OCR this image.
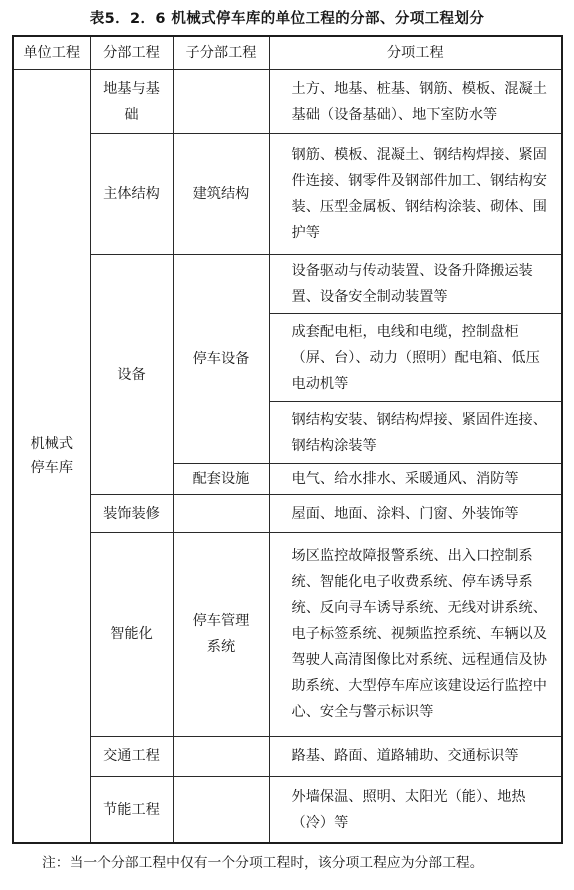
表5．2．6 机械式停车库的单位工程的分部、分项工程划分
单位工程	分部工程	子分部工程	分项工程
机械式停车库	地基与基础		土方、地基、桩基、钢筋、模板、混凝土基础（设备基础）、地下室防水等
	主体结构	建筑结构	钢筋、模板、混凝土、钢结构焊接、紧固件连接、钢零件及钢部件加工、钢结构安装、压型金属板、钢结构涂装、砌体、围护等
	设备	停车设备	设备驱动与传动装置、设备升降搬运装置、设备安全制动装置等
			成套配电柜，电线和电缆，控制盘柜（屏、台）、动力（照明）配电箱、低压电动机等
			钢结构安装、钢结构焊接、紧固件连接、钢结构涂装等
		配套设施	电气、给水排水、采暖通风、消防等
	装饰装修		屋面、地面、涂料、门窗、外装饰等
	智能化	停车管理系统	场区监控故障报警系统、出入口控制系统、智能化电子收费系统、停车诱导系统、反向寻车诱导系统、无线对讲系统、电子标签系统、视频监控系统、车辆以及驾驶人高清图像比对系统、远程通信及协助系统、大型停车库应该建设运行监控中心、安全与警示标识等
	交通工程		路基、路面、道路辅助、交通标识等
	节能工程		外墙保温、照明、太阳光（能）、地热（冷）等
注：当一个分部工程中仅有一个分项工程时，该分项工程应为分部工程。
